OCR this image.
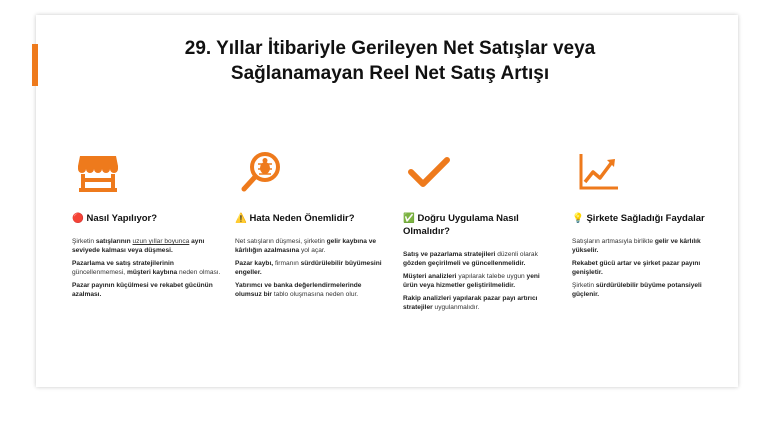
29. Yıllar İtibariyle Gerileyen Net Satışlar veya
Sağlanamayan Reel Net Satış Artışı
🔴 Nasıl Yapılıyor?

Şirketin satışlarının uzun yıllar boyunca aynı seviyede kalması veya düşmesi.

Pazarlama ve satış stratejilerinin güncellenmemesi, müşteri kaybına neden olması.

Pazar payının küçülmesi ve rekabet gücünün azalması.

⚠️ Hata Neden Önemlidir?

Net satışların düşmesi, şirketin gelir kaybına ve kârlılığın azalmasına yol açar.

Pazar kaybı, firmanın sürdürülebilir büyümesini engeller.

Yatırımcı ve banka değerlendirmelerinde olumsuz bir tablo oluşmasına neden olur.

✅ Doğru Uygulama Nasıl Olmalıdır?

Satış ve pazarlama stratejileri düzenli olarak gözden geçirilmeli ve güncellenmelidir.

Müşteri analizleri yapılarak talebe uygun yeni ürün veya hizmetler geliştirilmelidir.

Rakip analizleri yapılarak pazar payı artırıcı stratejiler uygulanmalıdır.

💡 Şirkete Sağladığı Faydalar

Satışların artmasıyla birlikte gelir ve kârlılık yükselir.

Rekabet gücü artar ve şirket pazar payını genişletir.

Şirketin sürdürülebilir büyüme potansiyeli güçlenir.
